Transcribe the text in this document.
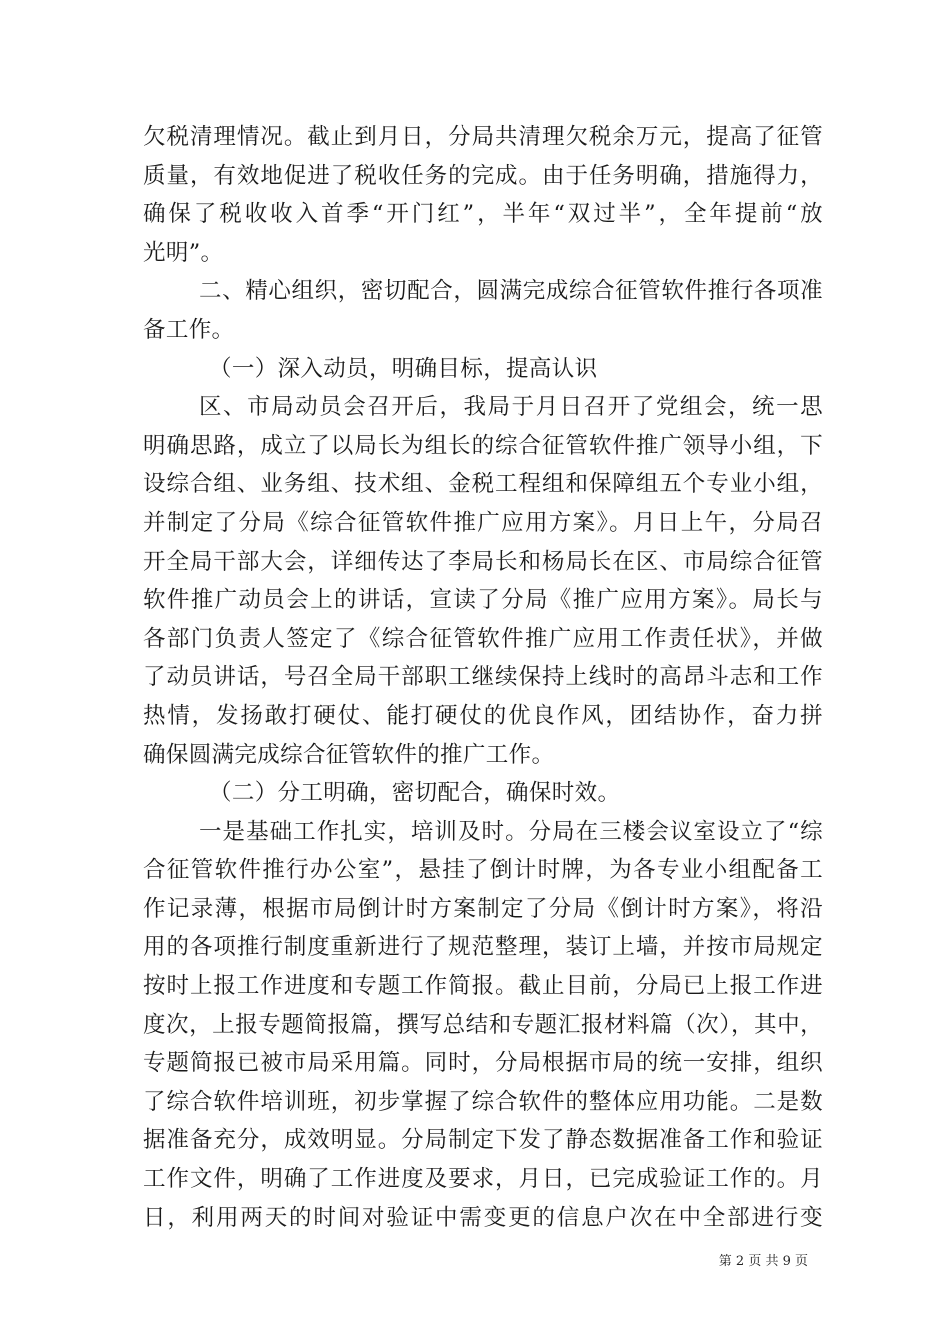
欠税清理情况。截止到月日，分局共清理欠税余万元，提高了征管
质量，有效地促进了税收任务的完成。由于任务明确，措施得力，
确保了税收收入首季“开门红”，半年“双过半”，全年提前“放
光明”。
二、精心组织，密切配合，圆满完成综合征管软件推行各项准
备工作。
（一）深入动员，明确目标，提高认识
区、市局动员会召开后，我局于月日召开了党组会，统一思
明确思路，成立了以局长为组长的综合征管软件推广领导小组，下
设综合组、业务组、技术组、金税工程组和保障组五个专业小组，
并制定了分局《综合征管软件推广应用方案》。月日上午，分局召
开全局干部大会，详细传达了李局长和杨局长在区、市局综合征管
软件推广动员会上的讲话，宣读了分局《推广应用方案》。局长与
各部门负责人签定了《综合征管软件推广应用工作责任状》，并做
了动员讲话，号召全局干部职工继续保持上线时的高昂斗志和工作
热情，发扬敢打硬仗、能打硬仗的优良作风，团结协作，奋力拼
确保圆满完成综合征管软件的推广工作。
（二）分工明确，密切配合，确保时效。
一是基础工作扎实，培训及时。分局在三楼会议室设立了“综
合征管软件推行办公室”，悬挂了倒计时牌，为各专业小组配备工
作记录薄，根据市局倒计时方案制定了分局《倒计时方案》，将沿
用的各项推行制度重新进行了规范整理，装订上墙，并按市局规定
按时上报工作进度和专题工作简报。截止目前，分局已上报工作进
度次，上报专题简报篇，撰写总结和专题汇报材料篇（次），其中，
专题简报已被市局采用篇。同时，分局根据市局的统一安排，组织
了综合软件培训班，初步掌握了综合软件的整体应用功能。二是数
据准备充分，成效明显。分局制定下发了静态数据准备工作和验证
工作文件，明确了工作进度及要求，月日，已完成验证工作的。月
日，利用两天的时间对验证中需变更的信息户次在中全部进行变
第 2 页 共 9 页
